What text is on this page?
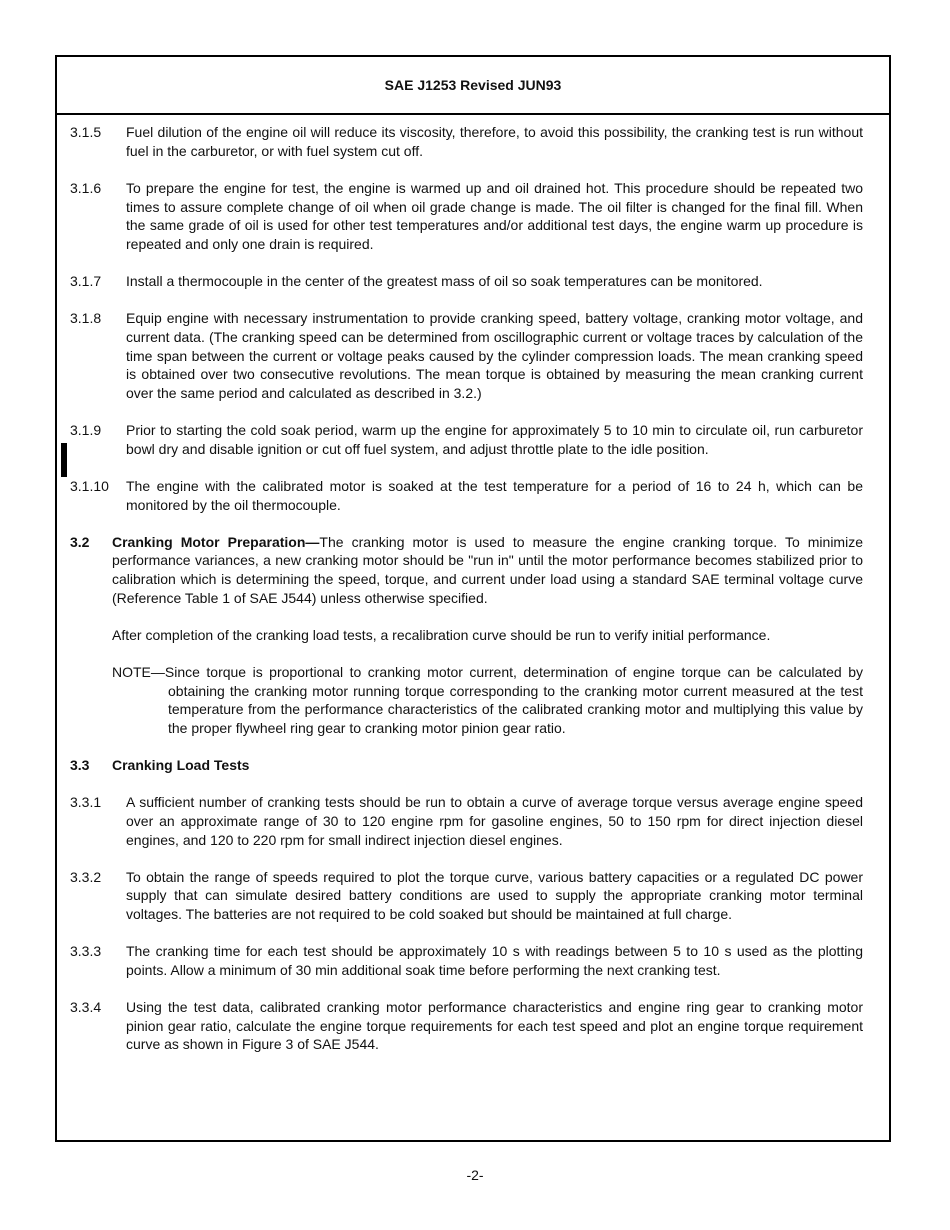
SAE J1253 Revised JUN93
3.1.5	Fuel dilution of the engine oil will reduce its viscosity, therefore, to avoid this possibility, the cranking test is run without fuel in the carburetor, or with fuel system cut off.
3.1.6	To prepare the engine for test, the engine is warmed up and oil drained hot. This procedure should be repeated two times to assure complete change of oil when oil grade change is made. The oil filter is changed for the final fill. When the same grade of oil is used for other test temperatures and/or additional test days, the engine warm up procedure is repeated and only one drain is required.
3.1.7	Install a thermocouple in the center of the greatest mass of oil so soak temperatures can be monitored.
3.1.8	Equip engine with necessary instrumentation to provide cranking speed, battery voltage, cranking motor voltage, and current data. (The cranking speed can be determined from oscillographic current or voltage traces by calculation of the time span between the current or voltage peaks caused by the cylinder compression loads. The mean cranking speed is obtained over two consecutive revolutions. The mean torque is obtained by measuring the mean cranking current over the same period and calculated as described in 3.2.)
3.1.9	Prior to starting the cold soak period, warm up the engine for approximately 5 to 10 min to circulate oil, run carburetor bowl dry and disable ignition or cut off fuel system, and adjust throttle plate to the idle position.
3.1.10	The engine with the calibrated motor is soaked at the test temperature for a period of 16 to 24 h, which can be monitored by the oil thermocouple.
3.2	Cranking Motor Preparation—The cranking motor is used to measure the engine cranking torque. To minimize performance variances, a new cranking motor should be "run in" until the motor performance becomes stabilized prior to calibration which is determining the speed, torque, and current under load using a standard SAE terminal voltage curve (Reference Table 1 of SAE J544) unless otherwise specified.
After completion of the cranking load tests, a recalibration curve should be run to verify initial performance.
NOTE—Since torque is proportional to cranking motor current, determination of engine torque can be calculated by obtaining the cranking motor running torque corresponding to the cranking motor current measured at the test temperature from the performance characteristics of the calibrated cranking motor and multiplying this value by the proper flywheel ring gear to cranking motor pinion gear ratio.
3.3	Cranking Load Tests
3.3.1	A sufficient number of cranking tests should be run to obtain a curve of average torque versus average engine speed over an approximate range of 30 to 120 engine rpm for gasoline engines, 50 to 150 rpm for direct injection diesel engines, and 120 to 220 rpm for small indirect injection diesel engines.
3.3.2	To obtain the range of speeds required to plot the torque curve, various battery capacities or a regulated DC power supply that can simulate desired battery conditions are used to supply the appropriate cranking motor terminal voltages. The batteries are not required to be cold soaked but should be maintained at full charge.
3.3.3	The cranking time for each test should be approximately 10 s with readings between 5 to 10 s used as the plotting points. Allow a minimum of 30 min additional soak time before performing the next cranking test.
3.3.4	Using the test data, calibrated cranking motor performance characteristics and engine ring gear to cranking motor pinion gear ratio, calculate the engine torque requirements for each test speed and plot an engine torque requirement curve as shown in Figure 3 of SAE J544.
-2-
